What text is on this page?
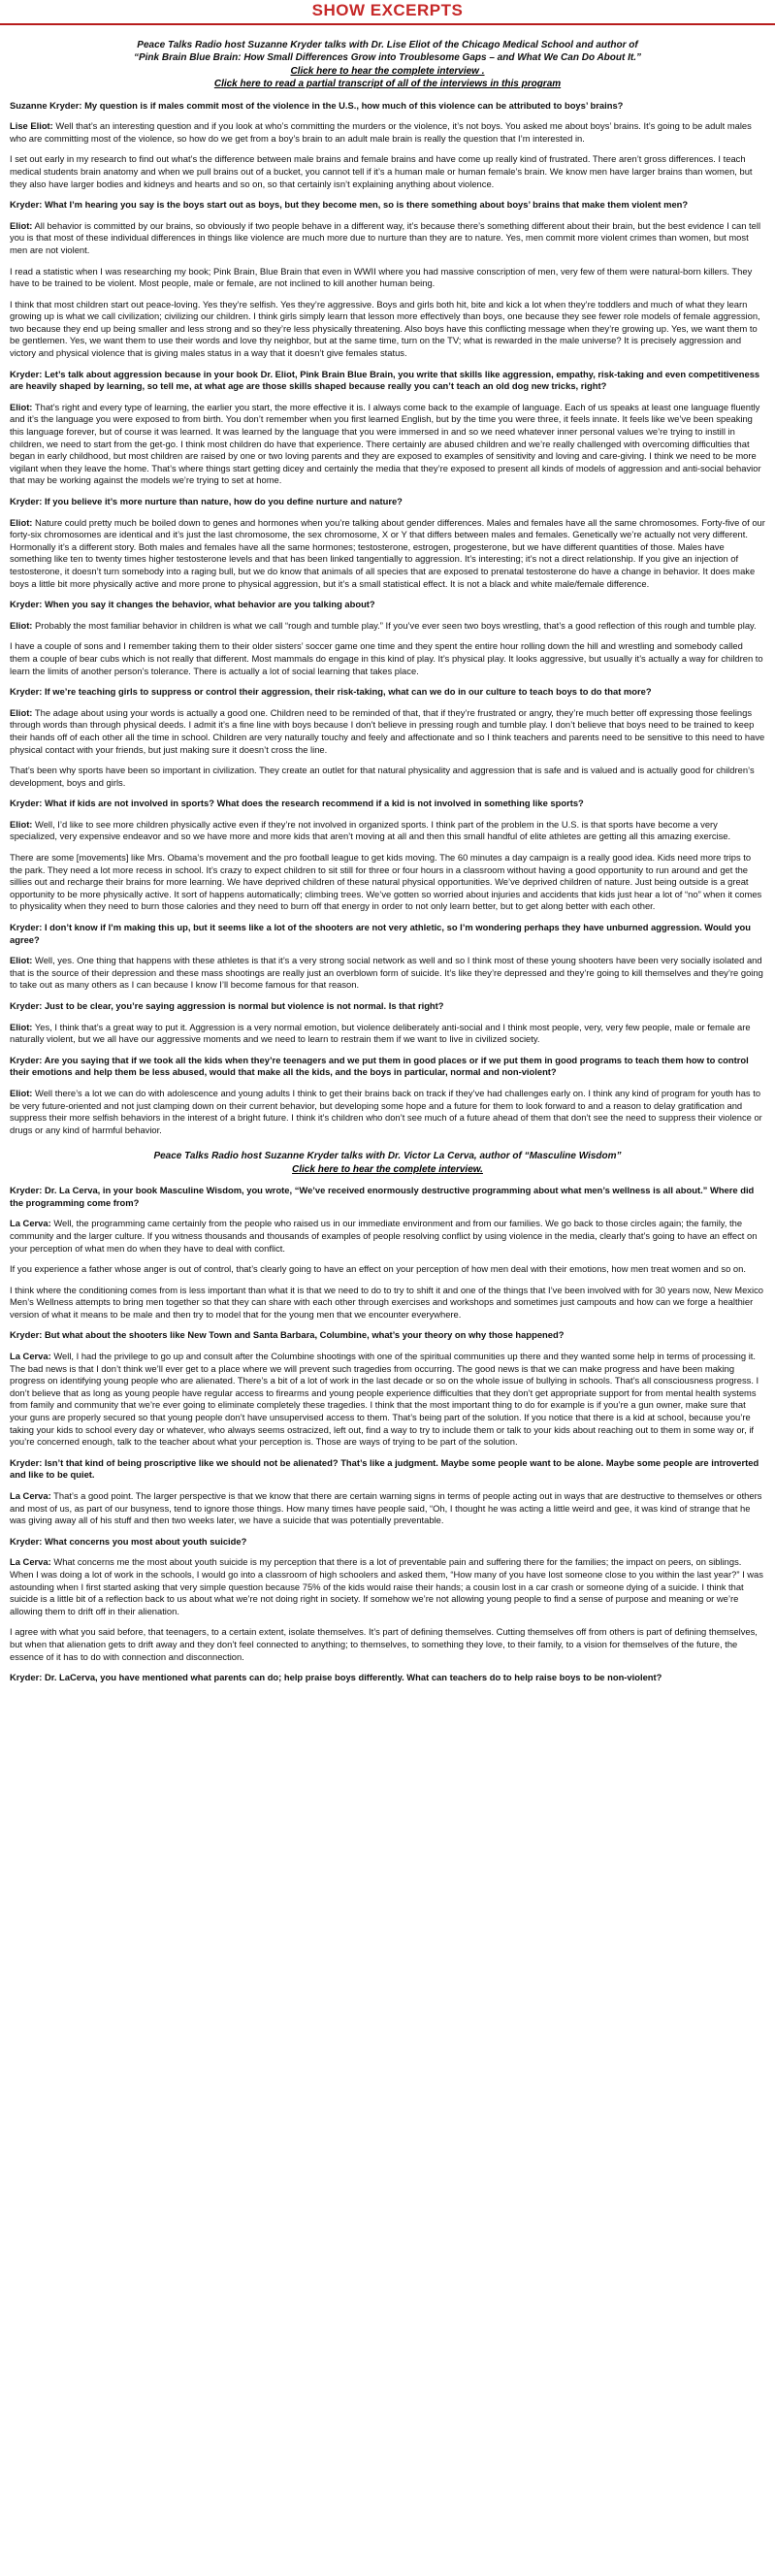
SHOW EXCERPTS
Peace Talks Radio host Suzanne Kryder talks with Dr. Lise Eliot of the Chicago Medical School and author of
“Pink Brain Blue Brain: How Small Differences Grow into Troublesome Gaps – and What We Can Do About It.”
Click here to hear the complete interview .
Click here to read a partial transcript of all of the interviews in this program

Suzanne Kryder: My question is if males commit most of the violence in the U.S., how much of this violence can be attributed to boys’ brains?

Lise Eliot: Well that’s an interesting question and if you look at who’s committing the murders or the violence, it’s not boys. You asked me about boys’ brains. It’s going to be adult males who are committing most of the violence, so how do we get from a boy’s brain to an adult male brain is really the question that I’m interested in.

I set out early in my research to find out what’s the difference between male brains and female brains and have come up really kind of frustrated. There aren’t gross differences. I teach medical students brain anatomy and when we pull brains out of a bucket, you cannot tell if it’s a human male or human female’s brain. We know men have larger brains than women, but they also have larger bodies and kidneys and hearts and so on, so that certainly isn’t explaining anything about violence.

Kryder: What I’m hearing you say is the boys start out as boys, but they become men, so is there something about boys’ brains that make them violent men?

Eliot: All behavior is committed by our brains, so obviously if two people behave in a different way, it’s because there’s something different about their brain, but the best evidence I can tell you is that most of these individual differences in things like violence are much more due to nurture than they are to nature. Yes, men commit more violent crimes than women, but most men are not violent.

I read a statistic when I was researching my book; Pink Brain, Blue Brain that even in WWII where you had massive conscription of men, very few of them were natural-born killers. They have to be trained to be violent. Most people, male or female, are not inclined to kill another human being.

I think that most children start out peace-loving. Yes they’re selfish. Yes they’re aggressive. Boys and girls both hit, bite and kick a lot when they’re toddlers and much of what they learn growing up is what we call civilization; civilizing our children. I think girls simply learn that lesson more effectively than boys, one because they see fewer role models of female aggression, two because they end up being smaller and less strong and so they’re less physically threatening. Also boys have this conflicting message when they’re growing up. Yes, we want them to be gentlemen. Yes, we want them to use their words and love thy neighbor, but at the same time, turn on the TV; what is rewarded in the male universe? It is precisely aggression and victory and physical violence that is giving males status in a way that it doesn’t give females status.

Kryder: Let’s talk about aggression because in your book Dr. Eliot, Pink Brain Blue Brain, you write that skills like aggression, empathy, risk-taking and even competitiveness are heavily shaped by learning, so tell me, at what age are those skills shaped because really you can’t teach an old dog new tricks, right?

Eliot: That’s right and every type of learning, the earlier you start, the more effective it is. I always come back to the example of language. Each of us speaks at least one language fluently and it’s the language you were exposed to from birth. You don’t remember when you first learned English, but by the time you were three, it feels innate. It feels like we’ve been speaking this language forever, but of course it was learned. It was learned by the language that you were immersed in and so we need whatever inner personal values we’re trying to instill in children, we need to start from the get-go. I think most children do have that experience. There certainly are abused children and we’re really challenged with overcoming difficulties that began in early childhood, but most children are raised by one or two loving parents and they are exposed to examples of sensitivity and loving and care-giving. I think we need to be more vigilant when they leave the home. That’s where things start getting dicey and certainly the media that they’re exposed to present all kinds of models of aggression and anti-social behavior that may be working against the models we’re trying to set at home.

Kryder: If you believe it’s more nurture than nature, how do you define nurture and nature?

Eliot: Nature could pretty much be boiled down to genes and hormones when you’re talking about gender differences. Males and females have all the same chromosomes. Forty-five of our forty-six chromosomes are identical and it’s just the last chromosome, the sex chromosome, X or Y that differs between males and females. Genetically we’re actually not very different. Hormonally it’s a different story. Both males and females have all the same hormones; testosterone, estrogen, progesterone, but we have different quantities of those. Males have something like ten to twenty times higher testosterone levels and that has been linked tangentially to aggression. It’s interesting; it’s not a direct relationship. If you give an injection of testosterone, it doesn’t turn somebody into a raging bull, but we do know that animals of all species that are exposed to prenatal testosterone do have a change in behavior. It does make boys a little bit more physically active and more prone to physical aggression, but it’s a small statistical effect. It is not a black and white male/female difference.

Kryder: When you say it changes the behavior, what behavior are you talking about?

Eliot: Probably the most familiar behavior in children is what we call “rough and tumble play.” If you’ve ever seen two boys wrestling, that’s a good reflection of this rough and tumble play.

I have a couple of sons and I remember taking them to their older sisters’ soccer game one time and they spent the entire hour rolling down the hill and wrestling and somebody called them a couple of bear cubs which is not really that different. Most mammals do engage in this kind of play. It’s physical play. It looks aggressive, but usually it’s actually a way for children to learn the limits of another person’s tolerance. There is actually a lot of social learning that takes place.

Kryder: If we’re teaching girls to suppress or control their aggression, their risk-taking, what can we do in our culture to teach boys to do that more?

Eliot: The adage about using your words is actually a good one. Children need to be reminded of that, that if they’re frustrated or angry, they’re much better off expressing those feelings through words than through physical deeds. I admit it’s a fine line with boys because I don’t believe in pressing rough and tumble play. I don’t believe that boys need to be trained to keep their hands off of each other all the time in school. Children are very naturally touchy and feely and affectionate and so I think teachers and parents need to be sensitive to this need to have physical contact with your friends, but just making sure it doesn’t cross the line.

That’s been why sports have been so important in civilization. They create an outlet for that natural physicality and aggression that is safe and is valued and is actually good for children’s development, boys and girls.

Kryder: What if kids are not involved in sports? What does the research recommend if a kid is not involved in something like sports?

Eliot: Well, I’d like to see more children physically active even if they’re not involved in organized sports. I think part of the problem in the U.S. is that sports have become a very specialized, very expensive endeavor and so we have more and more kids that aren’t moving at all and then this small handful of elite athletes are getting all this amazing exercise.

There are some [movements] like Mrs. Obama’s movement and the pro football league to get kids moving. The 60 minutes a day campaign is a really good idea. Kids need more trips to the park. They need a lot more recess in school. It’s crazy to expect children to sit still for three or four hours in a classroom without having a good opportunity to run around and get the sillies out and recharge their brains for more learning. We have deprived children of these natural physical opportunities. We’ve deprived children of nature. Just being outside is a great opportunity to be more physically active. It sort of happens automatically; climbing trees. We’ve gotten so worried about injuries and accidents that kids just hear a lot of “no” when it comes to physicality when they need to burn those calories and they need to burn off that energy in order to not only learn better, but to get along better with each other.

Kryder: I don’t know if I’m making this up, but it seems like a lot of the shooters are not very athletic, so I’m wondering perhaps they have unburned aggression. Would you agree?

Eliot: Well, yes. One thing that happens with these athletes is that it’s a very strong social network as well and so I think most of these young shooters have been very socially isolated and that is the source of their depression and these mass shootings are really just an overblown form of suicide. It’s like they’re depressed and they’re going to kill themselves and they’re going to take out as many others as I can because I know I’ll become famous for that reason.

Kryder: Just to be clear, you’re saying aggression is normal but violence is not normal. Is that right?

Eliot: Yes, I think that’s a great way to put it. Aggression is a very normal emotion, but violence deliberately anti-social and I think most people, very, very few people, male or female are naturally violent, but we all have our aggressive moments and we need to learn to restrain them if we want to live in civilized society.

Kryder: Are you saying that if we took all the kids when they’re teenagers and we put them in good places or if we put them in good programs to teach them how to control their emotions and help them be less abused, would that make all the kids, and the boys in particular, normal and non-violent?

Eliot: Well there’s a lot we can do with adolescence and young adults I think to get their brains back on track if they’ve had challenges early on. I think any kind of program for youth has to be very future-oriented and not just clamping down on their current behavior, but developing some hope and a future for them to look forward to and a reason to delay gratification and suppress their more selfish behaviors in the interest of a bright future. I think it’s children who don’t see much of a future ahead of them that don’t see the need to suppress their violence or drugs or any kind of harmful behavior.

Peace Talks Radio host Suzanne Kryder talks with Dr. Victor La Cerva, author of “Masculine Wisdom”
Click here to hear the complete interview.

Kryder: Dr. La Cerva, in your book Masculine Wisdom, you wrote, “We’ve received enormously destructive programming about what men’s wellness is all about.” Where did the programming come from?

La Cerva: Well, the programming came certainly from the people who raised us in our immediate environment and from our families. We go back to those circles again; the family, the community and the larger culture. If you witness thousands and thousands of examples of people resolving conflict by using violence in the media, clearly that’s going to have an effect on your perception of what men do when they have to deal with conflict.

If you experience a father whose anger is out of control, that’s clearly going to have an effect on your perception of how men deal with their emotions, how men treat women and so on.

I think where the conditioning comes from is less important than what it is that we need to do to try to shift it and one of the things that I’ve been involved with for 30 years now, New Mexico Men’s Wellness attempts to bring men together so that they can share with each other through exercises and workshops and sometimes just campouts and how can we forge a healthier version of what it means to be male and then try to model that for the young men that we encounter everywhere.

Kryder: But what about the shooters like New Town and Santa Barbara, Columbine, what’s your theory on why those happened?

La Cerva: Well, I had the privilege to go up and consult after the Columbine shootings with one of the spiritual communities up there and they wanted some help in terms of processing it. The bad news is that I don’t think we’ll ever get to a place where we will prevent such tragedies from occurring. The good news is that we can make progress and have been making progress on identifying young people who are alienated. There’s a bit of a lot of work in the last decade or so on the whole issue of bullying in schools. That’s all consciousness progress. I don’t believe that as long as young people have regular access to firearms and young people experience difficulties that they don’t get appropriate support for from mental health systems from family and community that we’re ever going to eliminate completely these tragedies. I think that the most important thing to do for example is if you’re a gun owner, make sure that your guns are properly secured so that young people don’t have unsupervised access to them. That’s being part of the solution. If you notice that there is a kid at school, because you’re taking your kids to school every day or whatever, who always seems ostracized, left out, find a way to try to include them or talk to your kids about reaching out to them in some way or, if you’re concerned enough, talk to the teacher about what your perception is. Those are ways of trying to be part of the solution.

Kryder: Isn’t that kind of being proscriptive like we should not be alienated? That’s like a judgment. Maybe some people want to be alone. Maybe some people are introverted and like to be quiet.

La Cerva: That’s a good point. The larger perspective is that we know that there are certain warning signs in terms of people acting out in ways that are destructive to themselves or others and most of us, as part of our busyness, tend to ignore those things. How many times have people said, “Oh, I thought he was acting a little weird and gee, it was kind of strange that he was giving away all of his stuff and then two weeks later, we have a suicide that was potentially preventable.

Kryder: What concerns you most about youth suicide?

La Cerva: What concerns me the most about youth suicide is my perception that there is a lot of preventable pain and suffering there for the families; the impact on peers, on siblings. When I was doing a lot of work in the schools, I would go into a classroom of high schoolers and asked them, “How many of you have lost someone close to you within the last year?” I was astounding when I first started asking that very simple question because 75% of the kids would raise their hands; a cousin lost in a car crash or someone dying of a suicide. I think that suicide is a little bit of a reflection back to us about what we’re not doing right in society. If somehow we’re not allowing young people to find a sense of purpose and meaning or we’re allowing them to drift off in their alienation.

I agree with what you said before, that teenagers, to a certain extent, isolate themselves. It’s part of defining themselves. Cutting themselves off from others is part of defining themselves, but when that alienation gets to drift away and they don’t feel connected to anything; to themselves, to something they love, to their family, to a vision for themselves of the future, the essence of it has to do with connection and disconnection.

Kryder: Dr. LaCerva, you have mentioned what parents can do; help praise boys differently. What can teachers do to help raise boys to be non-violent?
